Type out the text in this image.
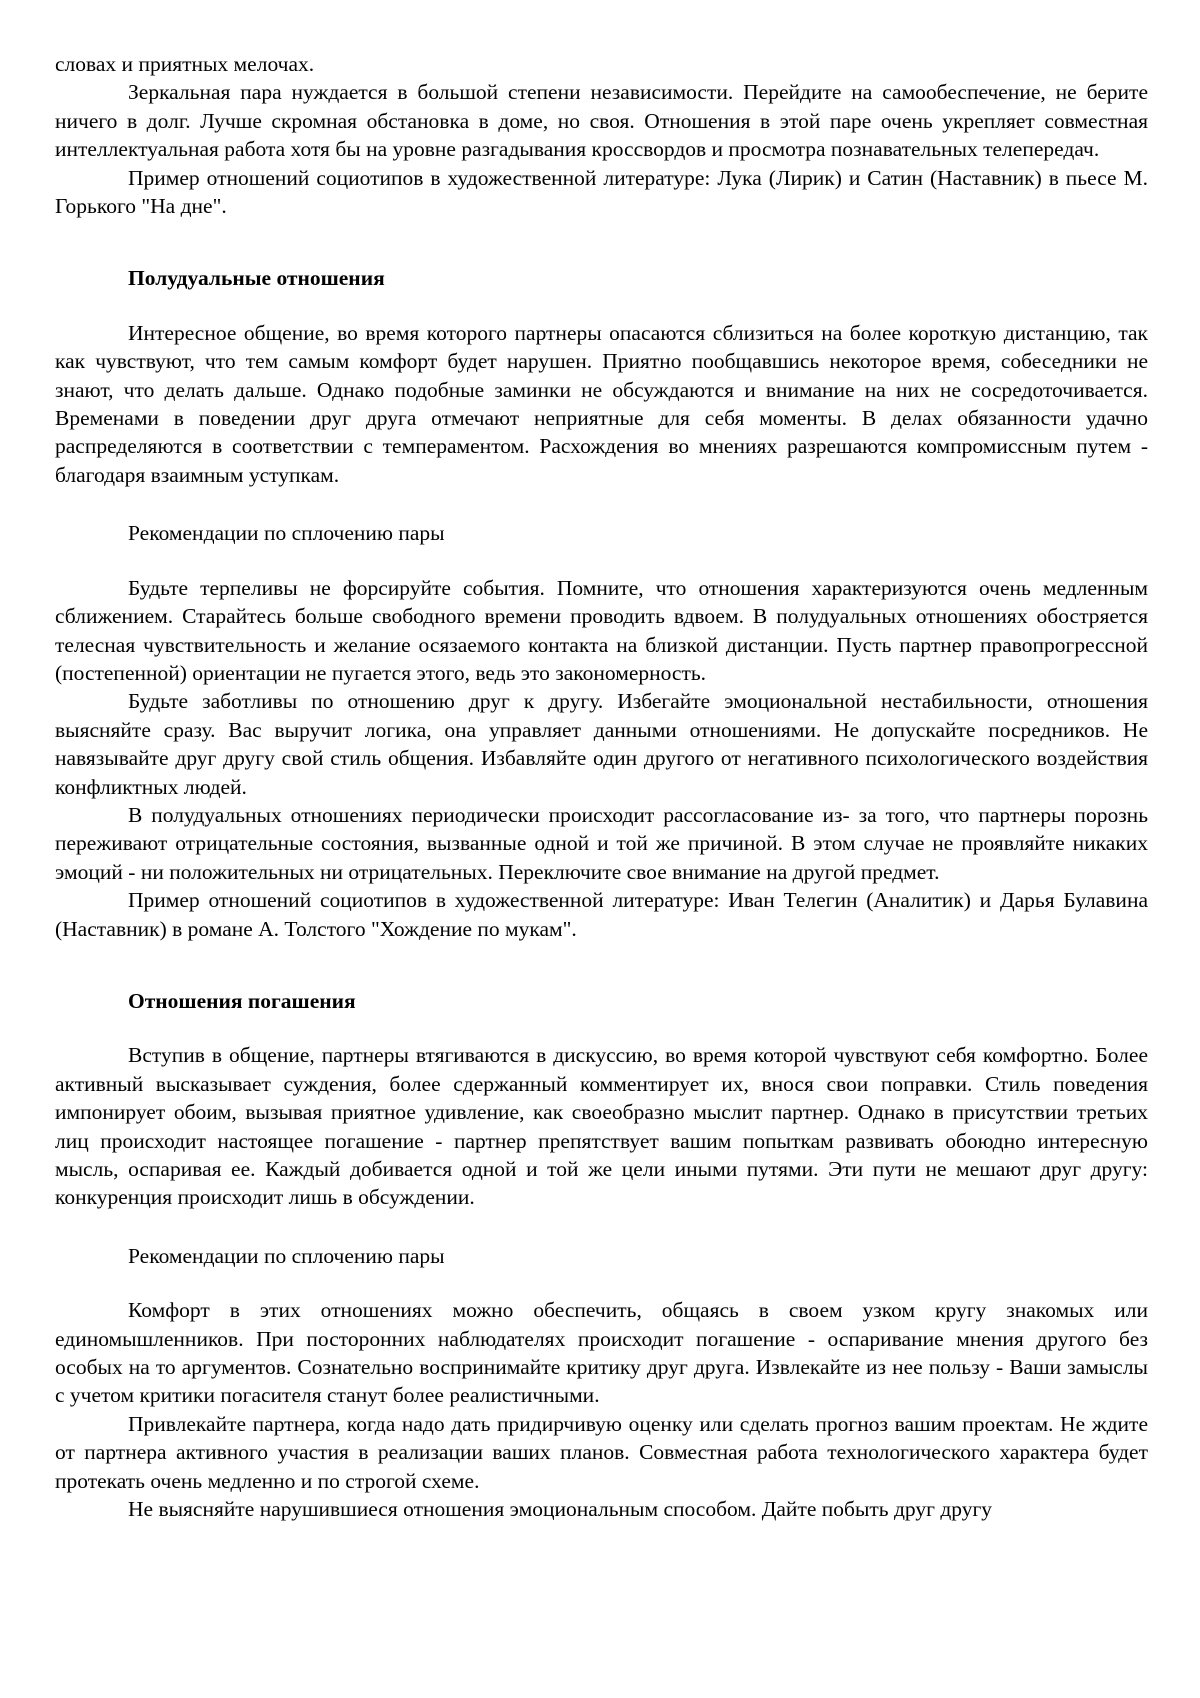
словах и приятных мелочах.

Зеркальная пара нуждается в большой степени независимости. Перейдите на самообеспечение, не берите ничего в долг. Лучше скромная обстановка в доме, но своя. Отношения в этой паре очень укрепляет совместная интеллектуальная работа хотя бы на уровне разгадывания кроссвордов и просмотра познавательных телепередач.

Пример отношений социотипов в художественной литературе: Лука (Лирик) и Сатин (Наставник) в пьесе М. Горького "На дне".

Полудуальные отношения

Интересное общение, во время которого партнеры опасаются сблизиться на более короткую дистанцию, так как чувствуют, что тем самым комфорт будет нарушен. Приятно пообщавшись некоторое время, собеседники не знают, что делать дальше. Однако подобные заминки не обсуждаются и внимание на них не сосредоточивается. Временами в поведении друг друга отмечают неприятные для себя моменты. В делах обязанности удачно распределяются в соответствии с темпераментом. Расхождения во мнениях разрешаются компромиссным путем - благодаря взаимным уступкам.

Рекомендации по сплочению пары

Будьте терпеливы не форсируйте события. Помните, что отношения характеризуются очень медленным сближением. Старайтесь больше свободного времени проводить вдвоем. В полудуальных отношениях обостряется телесная чувствительность и желание осязаемого контакта на близкой дистанции. Пусть партнер правопрогрессной (постепенной) ориентации не пугается этого, ведь это закономерность.

Будьте заботливы по отношению друг к другу. Избегайте эмоциональной нестабильности, отношения выясняйте сразу. Вас выручит логика, она управляет данными отношениями. Не допускайте посредников. Не навязывайте друг другу свой стиль общения. Избавляйте один другого от негативного психологического воздействия конфликтных людей.

В полудуальных отношениях периодически происходит рассогласование из- за того, что партнеры порознь переживают отрицательные состояния, вызванные одной и той же причиной. В этом случае не проявляйте никаких эмоций - ни положительных ни отрицательных. Переключите свое внимание на другой предмет.

Пример отношений социотипов в художественной литературе: Иван Телегин (Аналитик) и Дарья Булавина (Наставник) в романе А. Толстого "Хождение по мукам".

Отношения погашения

Вступив в общение, партнеры втягиваются в дискуссию, во время которой чувствуют себя комфортно. Более активный высказывает суждения, более сдержанный комментирует их, внося свои поправки. Стиль поведения импонирует обоим, вызывая приятное удивление, как своеобразно мыслит партнер. Однако в присутствии третьих лиц происходит настоящее погашение - партнер препятствует вашим попыткам развивать обоюдно интересную мысль, оспаривая ее. Каждый добивается одной и той же цели иными путями. Эти пути не мешают друг другу: конкуренция происходит лишь в обсуждении.

Рекомендации по сплочению пары

Комфорт в этих отношениях можно обеспечить, общаясь в своем узком кругу знакомых или единомышленников. При посторонних наблюдателях происходит погашение - оспаривание мнения другого без особых на то аргументов. Сознательно воспринимайте критику друг друга. Извлекайте из нее пользу - Ваши замыслы с учетом критики погасителя станут более реалистичными.

Привлекайте партнера, когда надо дать придирчивую оценку или сделать прогноз вашим проектам. Не ждите от партнера активного участия в реализации ваших планов. Совместная работа технологического характера будет протекать очень медленно и по строгой схеме.

Не выясняйте нарушившиеся отношения эмоциональным способом. Дайте побыть друг другу
